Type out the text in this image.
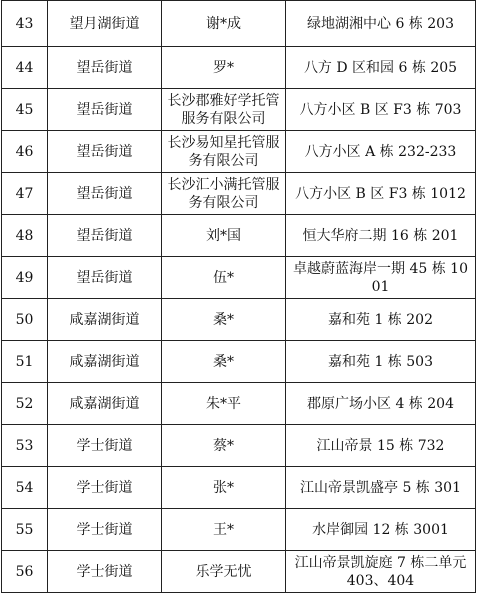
43	望月湖街道	谢*成	绿地湖湘中心 6 栋 203
44	望岳街道	罗*	八方 D 区和园 6 栋 205
45	望岳街道	长沙郡雅好学托管服务有限公司	八方小区 B 区 F3 栋 703
46	望岳街道	长沙易知星托管服务有限公司	八方小区 A 栋 232-233
47	望岳街道	长沙汇小满托管服务有限公司	八方小区 B 区 F3 栋 1012

48	望岳街道	刘*国	恒大华府二期 16 栋 201
49	望岳街道	伍*	卓越蔚蓝海岸一期 45 栋 1001

50	咸嘉湖街道	桑*	嘉和苑 1 栋 202
51	咸嘉湖街道	桑*	嘉和苑 1 栋 503
52	咸嘉湖街道	朱*平	郡原广场小区 4 栋 204
53	学士街道	蔡*	江山帝景 15 栋 732
54	学士街道	张*	江山帝景凯盛亭 5 栋 301

55	学士街道	王*	水岸御园 12 栋 3001
56	学士街道	乐学无忧	江山帝景凯旋庭 7 栋二单元 403、404
